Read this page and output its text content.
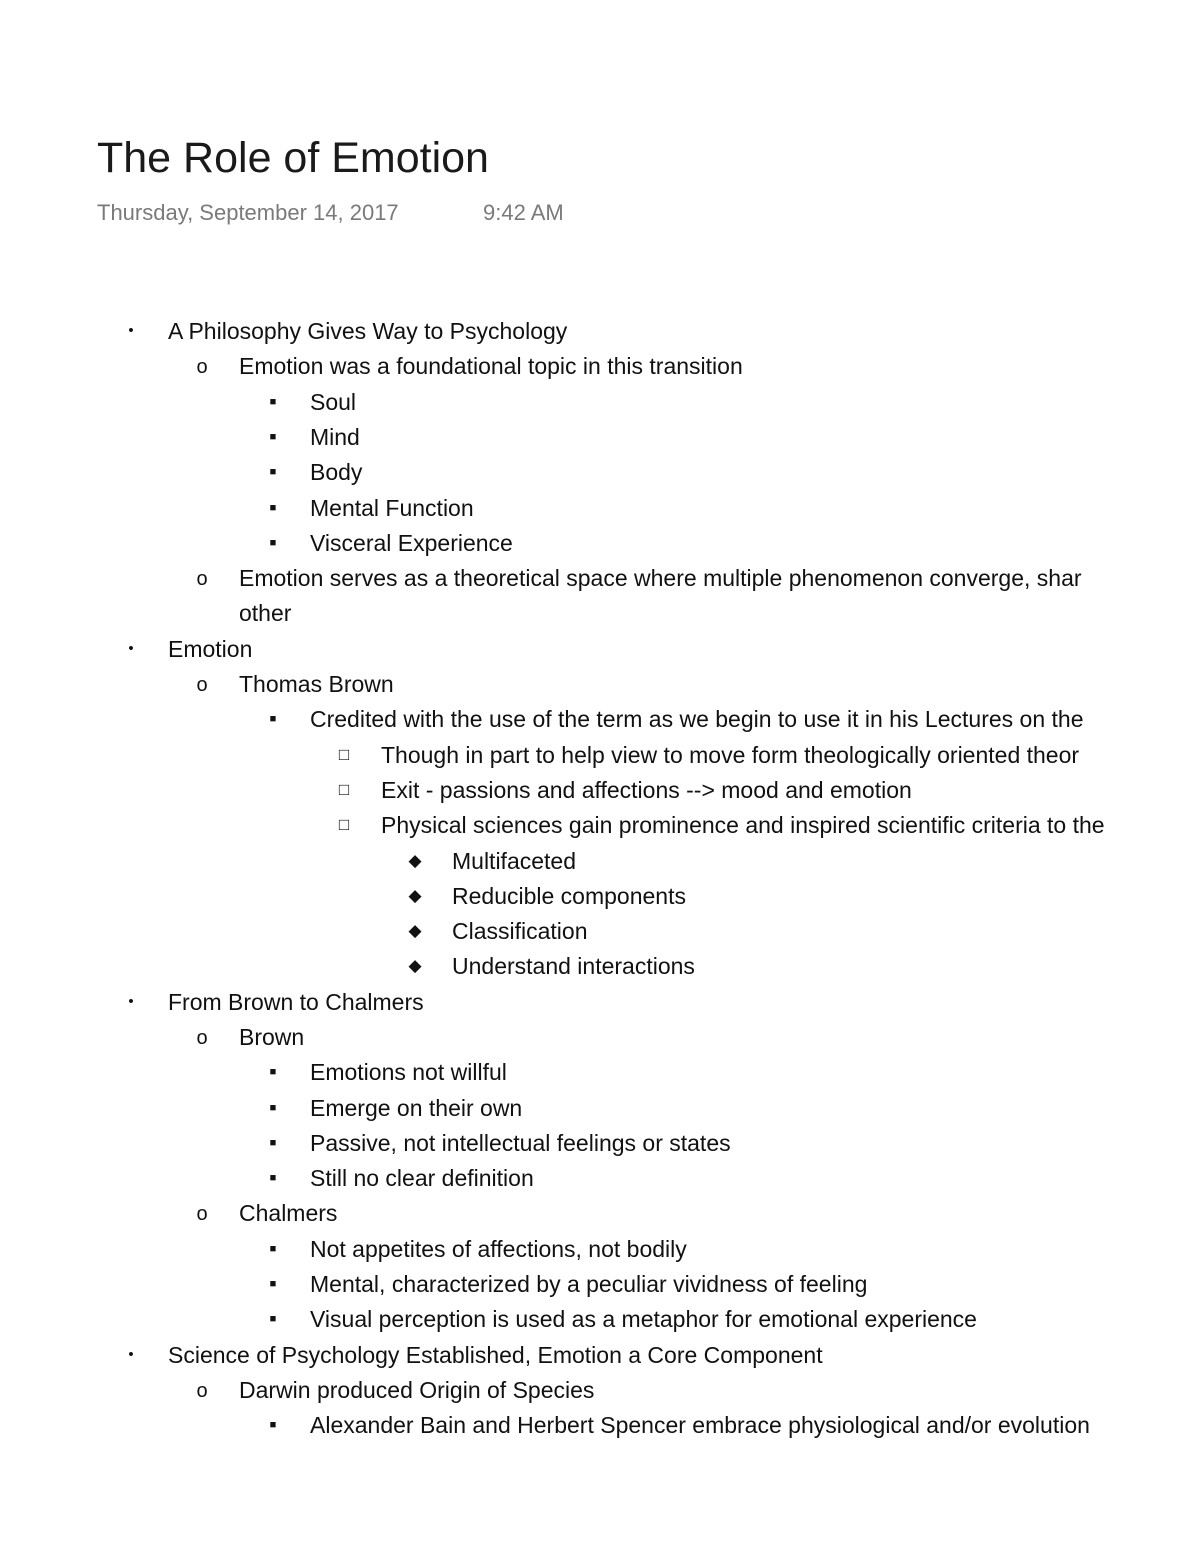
The Role of Emotion
Thursday, September 14, 2017	9:42 AM
•	A Philosophy Gives Way to Psychology
o Emotion was a foundational topic in this transition
■	Soul
■	Mind
■	Body
■	Mental Function
■	Visceral Experience
o Emotion serves as a theoretical space where multiple phenomenon converge, shar
other
•	Emotion
o Thomas Brown
■	Credited with the use of the term as we begin to use it in his Lectures on the
□ Though in part to help view to move form theologically oriented theor
□ Exit - passions and affections --> mood and emotion
□ Physical sciences gain prominence and inspired scientific criteria to the
◆ Multifaceted
◆ Reducible components
◆ Classification
◆ Understand interactions
•	From Brown to Chalmers
o Brown
■	Emotions not willful
■	Emerge on their own
■	Passive, not intellectual feelings or states
■	Still no clear definition
o Chalmers
■	Not appetites of affections, not bodily
■	Mental, characterized by a peculiar vividness of feeling
■	Visual perception is used as a metaphor for emotional experience
•	Science of Psychology Established, Emotion a Core Component
o Darwin produced Origin of Species
■	Alexander Bain and Herbert Spencer embrace physiological and/or evolution
